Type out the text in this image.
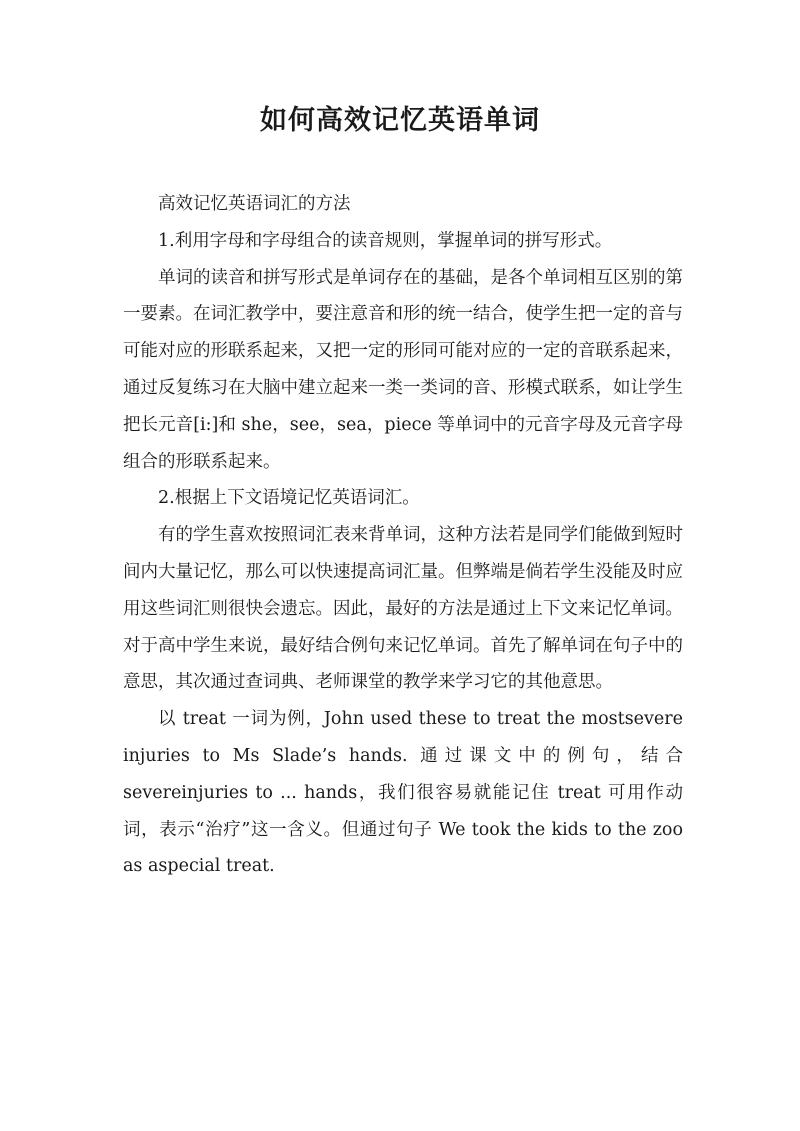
如何高效记忆英语单词

高效记忆英语词汇的方法

1.利用字母和字母组合的读音规则，掌握单词的拼写形式。

单词的读音和拼写形式是单词存在的基础，是各个单词相互区别的第一要素。在词汇教学中，要注意音和形的统一结合，使学生把一定的音与可能对应的形联系起来，又把一定的形同可能对应的一定的音联系起来，通过反复练习在大脑中建立起来一类一类词的音、形模式联系，如让学生把长元音[i:]和 she，see，sea，piece 等单词中的元音字母及元音字母组合的形联系起来。

2.根据上下文语境记忆英语词汇。

有的学生喜欢按照词汇表来背单词，这种方法若是同学们能做到短时间内大量记忆，那么可以快速提高词汇量。但弊端是倘若学生没能及时应用这些词汇则很快会遗忘。因此，最好的方法是通过上下文来记忆单词。对于高中学生来说，最好结合例句来记忆单词。首先了解单词在句子中的意思，其次通过查词典、老师课堂的教学来学习它的其他意思。

以 treat 一词为例，John used these to treat the mostsevere injuries to Ms Slade’s hands. 通过课文中的例句，结合 severeinjuries to ... hands，我们很容易就能记住 treat 可用作动词，表示“治疗”这一含义。但通过句子 We took the kids to the zoo as aspecial treat.
